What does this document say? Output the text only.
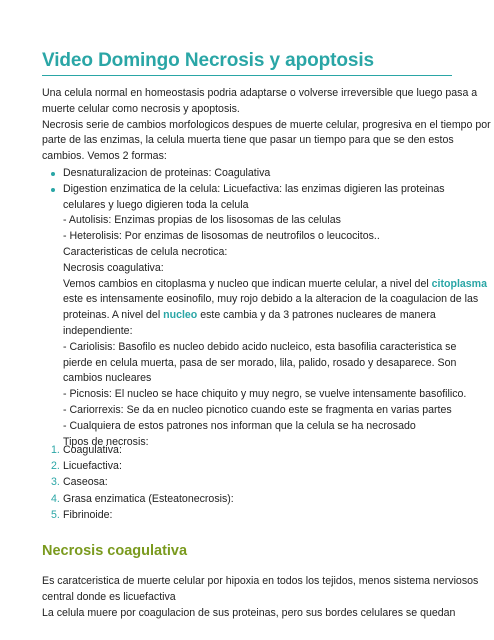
Video Domingo Necrosis y apoptosis
Una celula normal en homeostasis podria adaptarse o volverse irreversible que luego pasa a
muerte celular como necrosis y apoptosis.
Necrosis serie de cambios morfologicos despues de muerte celular, progresiva en el tiempo por
parte de las enzimas, la celula muerta tiene que pasar un tiempo para que se den estos
cambios. Vemos 2 formas:
Desnaturalizacion de proteinas: Coagulativa
Digestion enzimatica de la celula: Licuefactiva: las enzimas digieren las proteinas
celulares y luego digieren toda la celula
- Autolisis: Enzimas propias de los lisosomas de las celulas
- Heterolisis: Por enzimas de lisosomas de neutrofilos o leucocitos..
Caracteristicas de celula necrotica:
Necrosis coagulativa:
Vemos cambios en citoplasma y nucleo que indican muerte celular, a nivel del citoplasma
este es intensamente eosinofilo, muy rojo debido a la alteracion de la coagulacion de las
proteinas. A nivel del nucleo este cambia y da 3 patrones nucleares de manera
independiente:
- Cariolisis: Basofilo es nucleo debido acido nucleico, esta basofilia caracteristica se
pierde en celula muerta, pasa de ser morado, lila, palido, rosado y desaparece. Son
cambios nucleares
- Picnosis: El nucleo se hace chiquito y muy negro, se vuelve intensamente basofilico.
- Cariorrexis: Se da en nucleo picnotico cuando este se fragmenta en varias partes
- Cualquiera de estos patrones nos informan que la celula se ha necrosado
Tipos de necrosis:
1. Coagulativa:
2. Licuefactiva:
3. Caseosa:
4. Grasa enzimatica (Esteatonecrosis):
5. Fibrinoide:
Necrosis coagulativa
Es caratceristica de muerte celular por hipoxia en todos los tejidos, menos sistema nerviosos
central donde es licuefactiva
La celula muere por coagulacion de sus proteinas, pero sus bordes celulares se quedan
